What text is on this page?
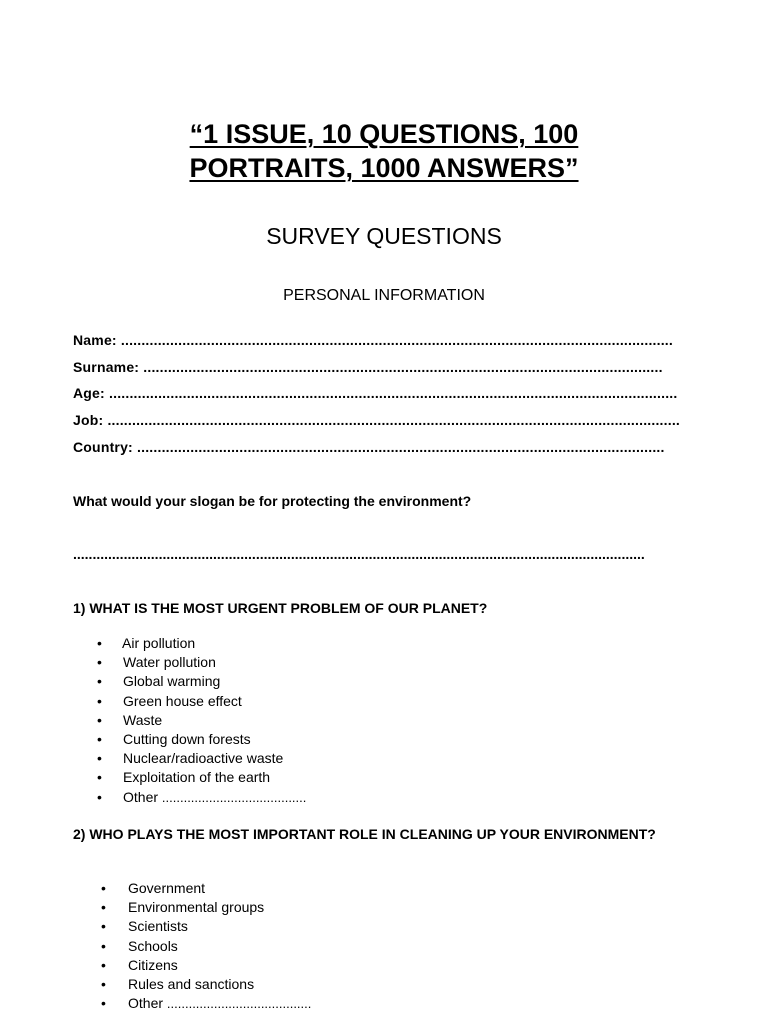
“1 ISSUE, 10 QUESTIONS, 100
PORTRAITS, 1000 ANSWERS”
SURVEY QUESTIONS
PERSONAL INFORMATION
Name: .......................................................................................................................................
Surname: ...............................................................................................................................
Age: ...........................................................................................................................................
Job: ............................................................................................................................................
Country: .................................................................................................................................
What would your slogan be for protecting the environment?
...................................................................................................................................................
1) WHAT IS THE MOST URGENT PROBLEM OF OUR PLANET?
• Air pollution
• Water pollution
• Global warming
• Green house effect
• Waste
• Cutting down forests
• Nuclear/radioactive waste
• Exploitation of the earth
• Other ........................................
2) WHO PLAYS THE MOST IMPORTANT ROLE IN CLEANING UP YOUR ENVIRONMENT?
• Government
• Environmental groups
• Scientists
• Schools
• Citizens
• Rules and sanctions
• Other ........................................
